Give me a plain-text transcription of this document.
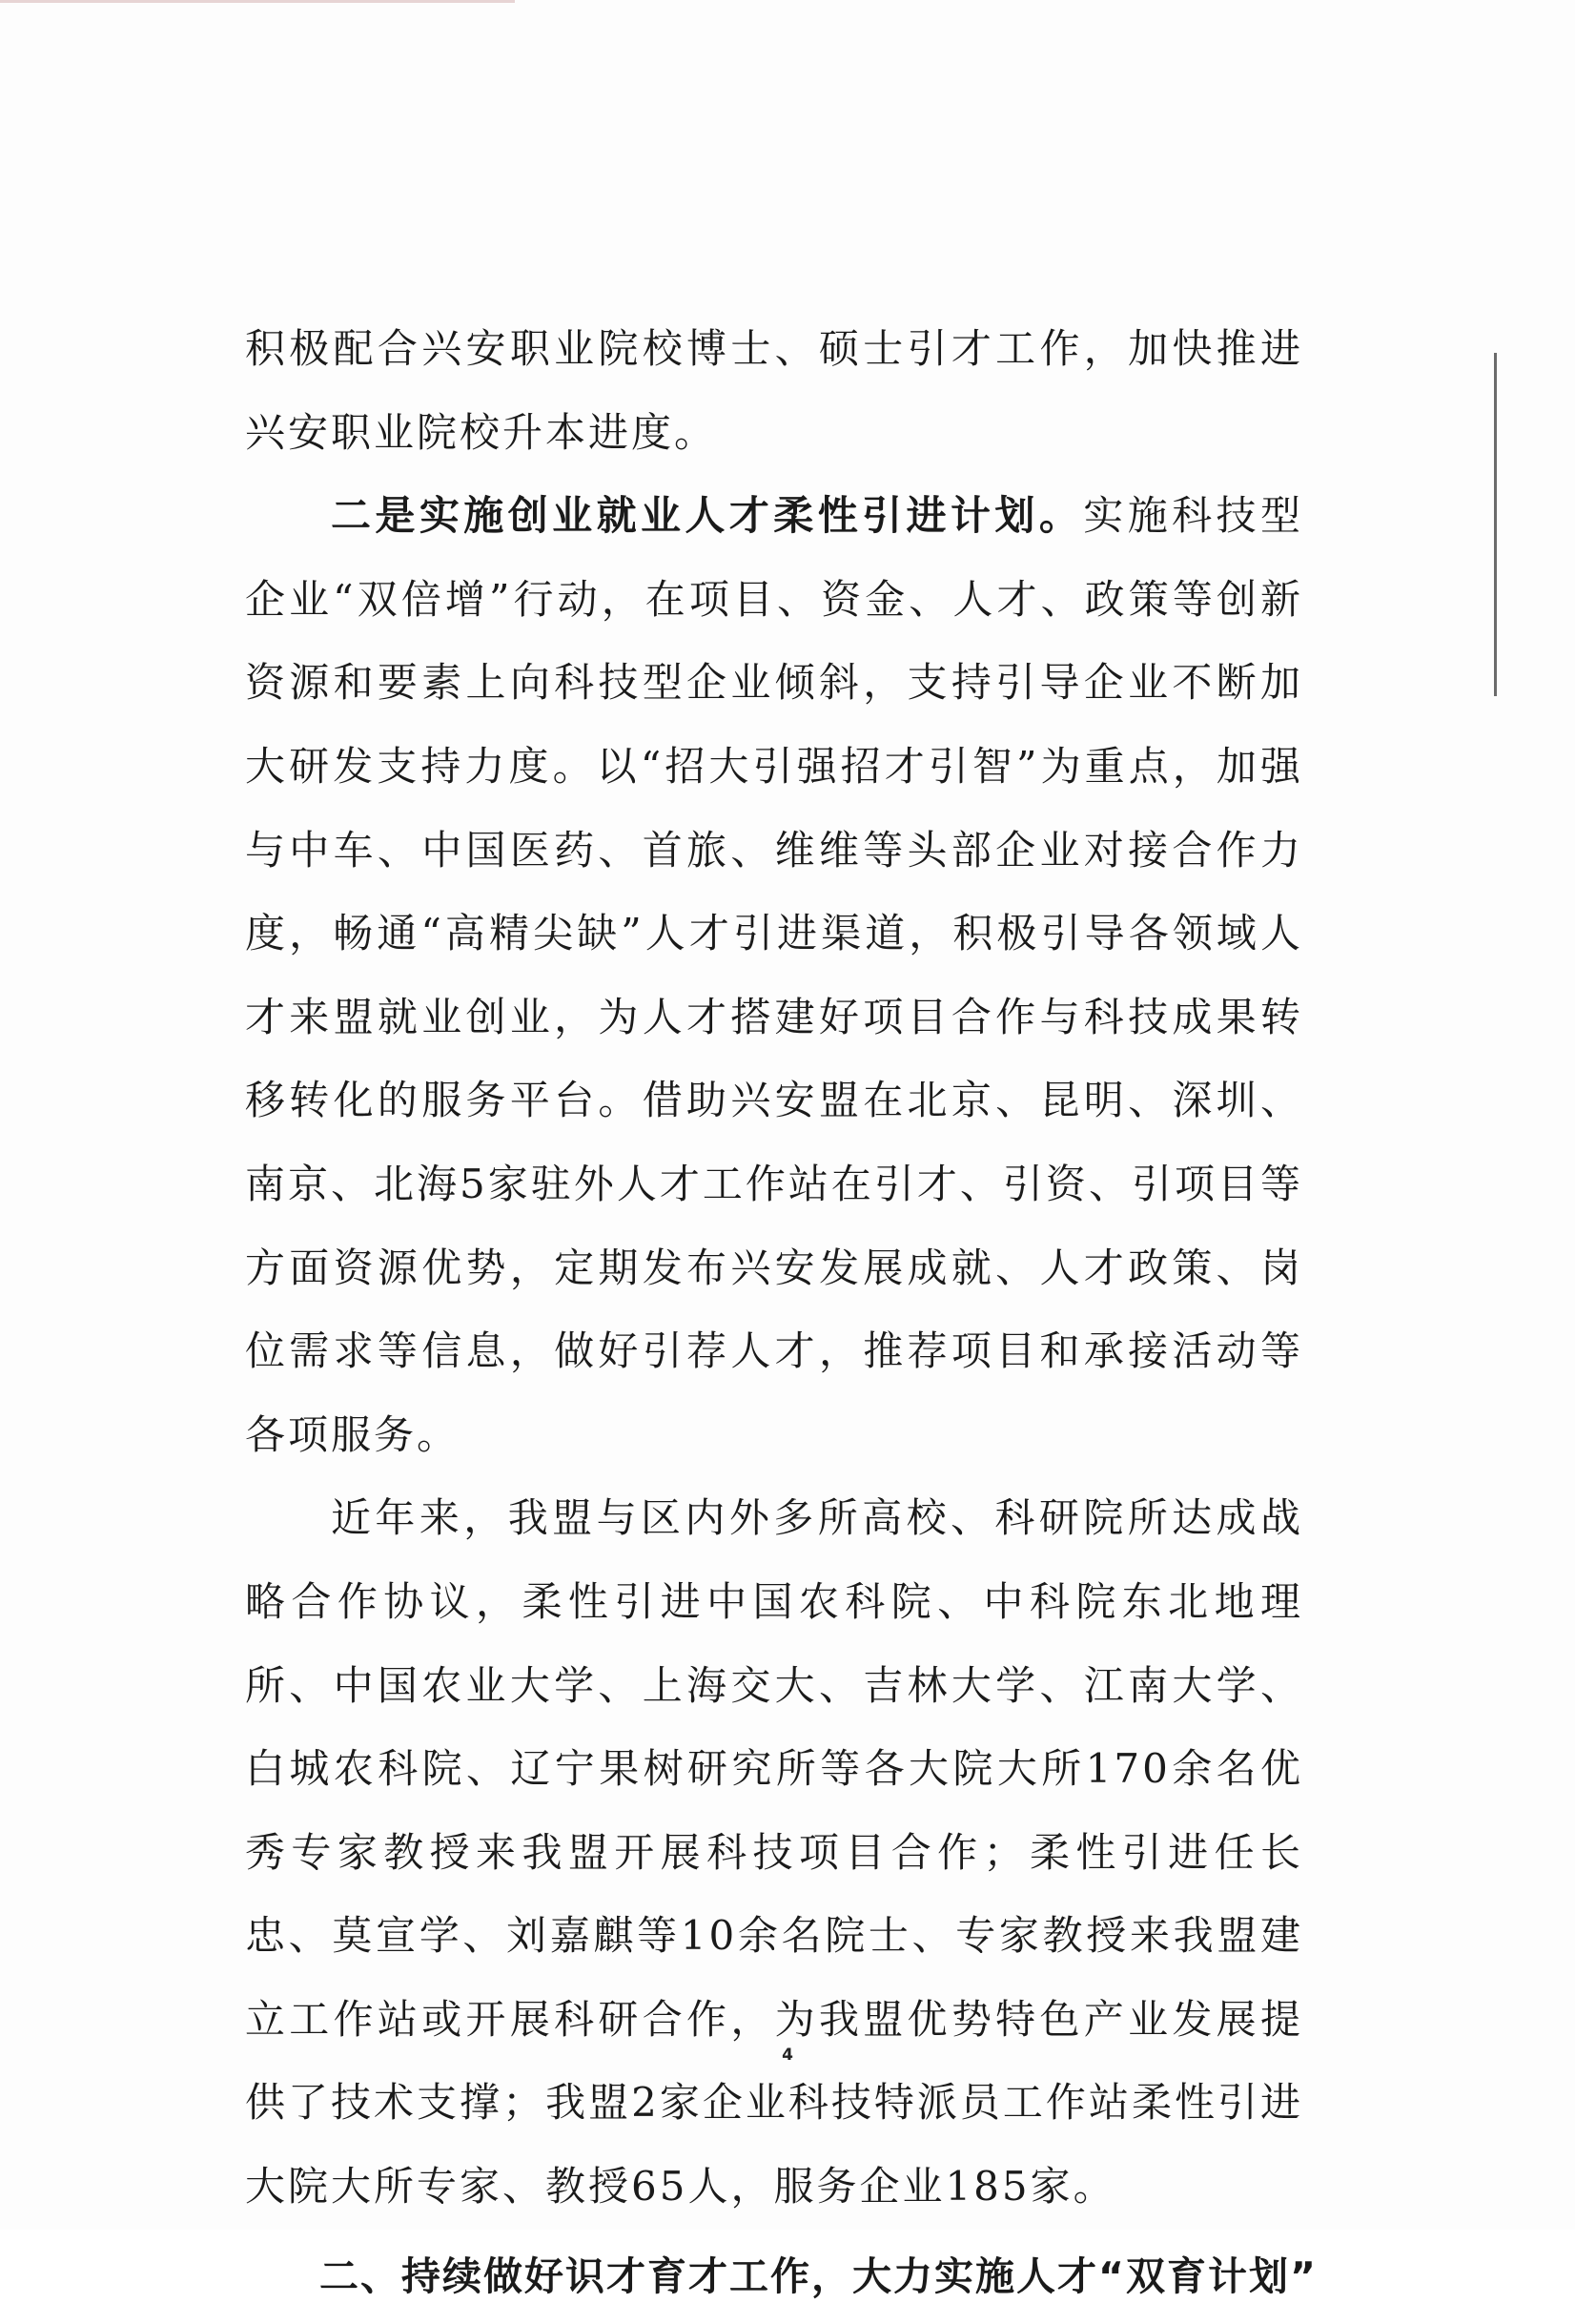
积极配合兴安职业院校博士、硕士引才工作，加快推进兴安职业院校升本进度。

二是实施创业就业人才柔性引进计划。实施科技型企业“双倍增”行动，在项目、资金、人才、政策等创新资源和要素上向科技型企业倾斜，支持引导企业不断加大研发支持力度。以“招大引强招才引智”为重点，加强与中车、中国医药、首旅、维维等头部企业对接合作力度，畅通“高精尖缺”人才引进渠道，积极引导各领域人才来盟就业创业，为人才搭建好项目合作与科技成果转移转化的服务平台。借助兴安盟在北京、昆明、深圳、南京、北海5家驻外人才工作站在引才、引资、引项目等方面资源优势，定期发布兴安发展成就、人才政策、岗位需求等信息，做好引荐人才，推荐项目和承接活动等各项服务。

近年来，我盟与区内外多所高校、科研院所达成战略合作协议，柔性引进中国农科院、中科院东北地理所、中国农业大学、上海交大、吉林大学、江南大学、白城农科院、辽宁果树研究所等各大院大所170余名优秀专家教授来我盟开展科技项目合作；柔性引进任长忠、莫宣学、刘嘉麒等10余名院士、专家教授来我盟建立工作站或开展科研合作，为我盟优势特色产业发展提供了技术支撑；我盟2家企业科技特派员工作站柔性引进大院大所专家、教授65人，服务企业185家。

二、持续做好识才育才工作，大力实施人才“双育计划”
4
